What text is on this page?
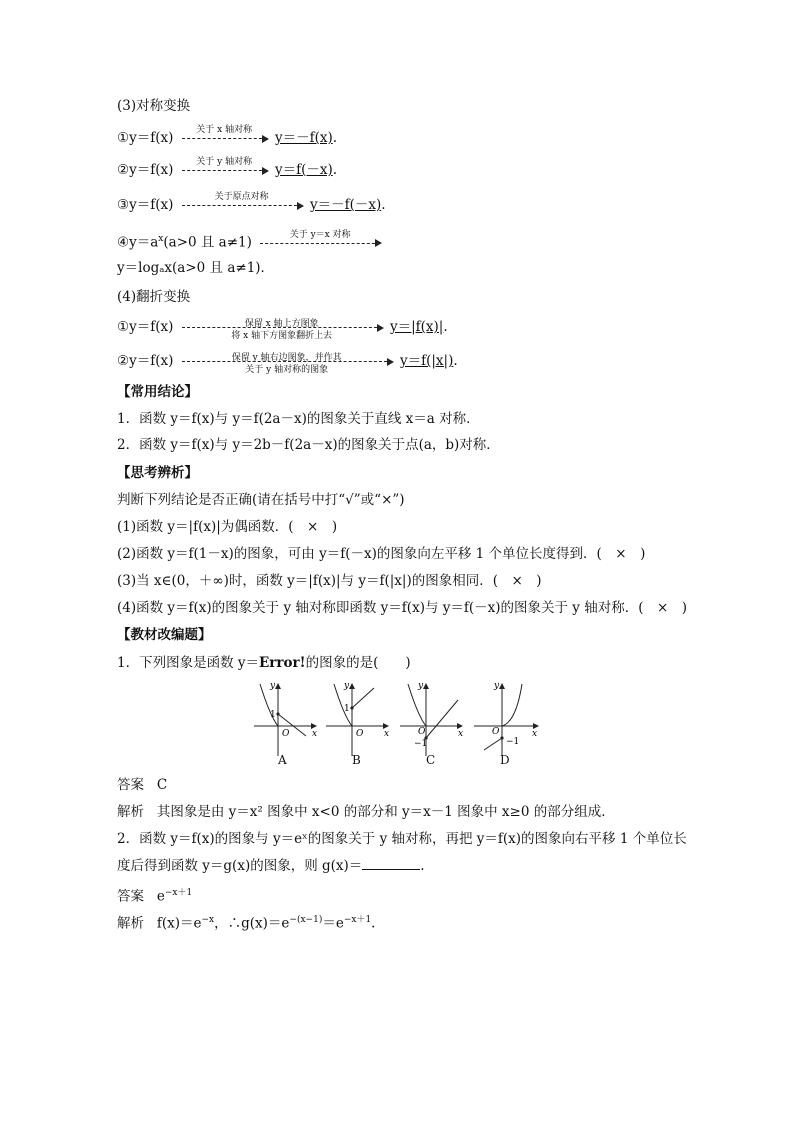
(3)对称变换
①y＝f(x)	关于 x 轴对称	y＝－f(x).
②y＝f(x)	关于 y 轴对称	y＝f(－x).
③y＝f(x)	关于原点对称	y＝－f(－x).
$④y=a^x(a>0$ 且 a≠1)	关于 y＝x 对称
y＝logₐx(a>0 且 a≠1)．
(4)翻折变换
①y＝f(x)	保留 x 轴上方图象
将 x 轴下方图象翻折上去
y＝|f(x)|.
②y＝f(x)	保留 y 轴右边图象，并作其
关于 y 轴对称的图象
y＝f(|x|).
【常用结论】
1．函数 y＝f(x)与 y＝f(2a－x)的图象关于直线 x＝a 对称．
2．函数 y＝f(x)与 y＝2b－f(2a－x)的图象关于点(a，b)对称．
【思考辨析】
判断下列结论是否正确(请在括号中打“√”或“×”)
(1)函数 y＝|f(x)|为偶函数．(　×　)
(2)函数 y＝f(1－x)的图象，可由 y＝f(－x)的图象向左平移 1 个单位长度得到．(　×　)
(3)当 x∈(0，＋∞)时，函数 y＝|f(x)|与 y＝f(|x|)的图象相同．(　×　)
(4)函数 y＝f(x)的图象关于 y 轴对称即函数 y＝f(x)与 y＝f(－x)的图象关于 y 轴对称．(　×　)
【教材改编题】
1．下列图象是函数 y＝Error!的图象的是(　　)
y
x
1
O
y
x
1
O
y
x
−1
O
y
x
−1
O
A	B	C	D
答案 C
解析 其图象是由 y＝x² 图象中 x<0 的部分和 y＝x－1 图象中 x≥0 的部分组成．
2．函数 y＝f(x)的图象与 y＝eˣ的图象关于 y 轴对称，再把 y＝f(x)的图象向右平移 1 个单位长
度后得到函数 y＝g(x)的图象，则 g(x)＝	.
答案 $e^{-x+1}$
解析 $f(x)=e^{-x}$，$\therefore g(x)=e^{-(x-1)}=e^{-x+1}$.
